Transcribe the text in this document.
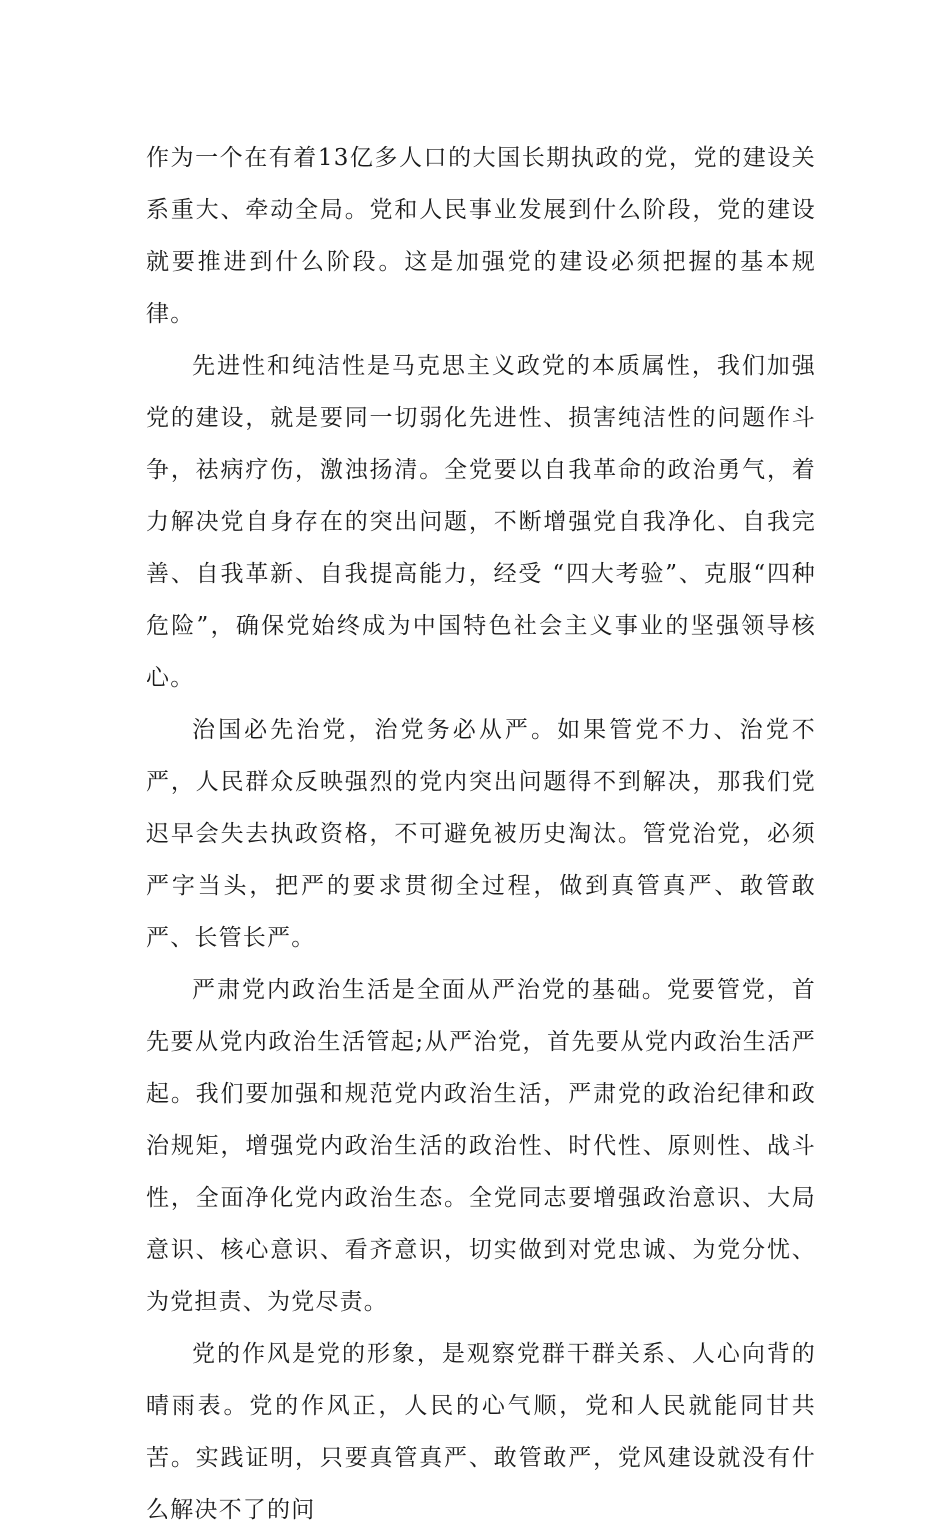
作为一个在有着13亿多人口的大国长期执政的党，党的建设关系重大、牵动全局。党和人民事业发展到什么阶段，党的建设就要推进到什么阶段。这是加强党的建设必须把握的基本规律。

先进性和纯洁性是马克思主义政党的本质属性，我们加强党的建设，就是要同一切弱化先进性、损害纯洁性的问题作斗争，祛病疗伤，激浊扬清。全党要以自我革命的政治勇气，着力解决党自身存在的突出问题，不断增强党自我净化、自我完善、自我革新、自我提高能力，经受 “四大考验”、克服“四种危险”，确保党始终成为中国特色社会主义事业的坚强领导核心。

治国必先治党，治党务必从严。如果管党不力、治党不严，人民群众反映强烈的党内突出问题得不到解决，那我们党迟早会失去执政资格，不可避免被历史淘汰。管党治党，必须严字当头，把严的要求贯彻全过程，做到真管真严、敢管敢严、长管长严。

严肃党内政治生活是全面从严治党的基础。党要管党，首先要从党内政治生活管起;从严治党，首先要从党内政治生活严起。我们要加强和规范党内政治生活，严肃党的政治纪律和政治规矩，增强党内政治生活的政治性、时代性、原则性、战斗性，全面净化党内政治生态。全党同志要增强政治意识、大局意识、核心意识、看齐意识，切实做到对党忠诚、为党分忧、为党担责、为党尽责。

党的作风是党的形象，是观察党群干群关系、人心向背的晴雨表。党的作风正，人民的心气顺，党和人民就能同甘共苦。实践证明，只要真管真严、敢管敢严，党风建设就没有什么解决不了的问
